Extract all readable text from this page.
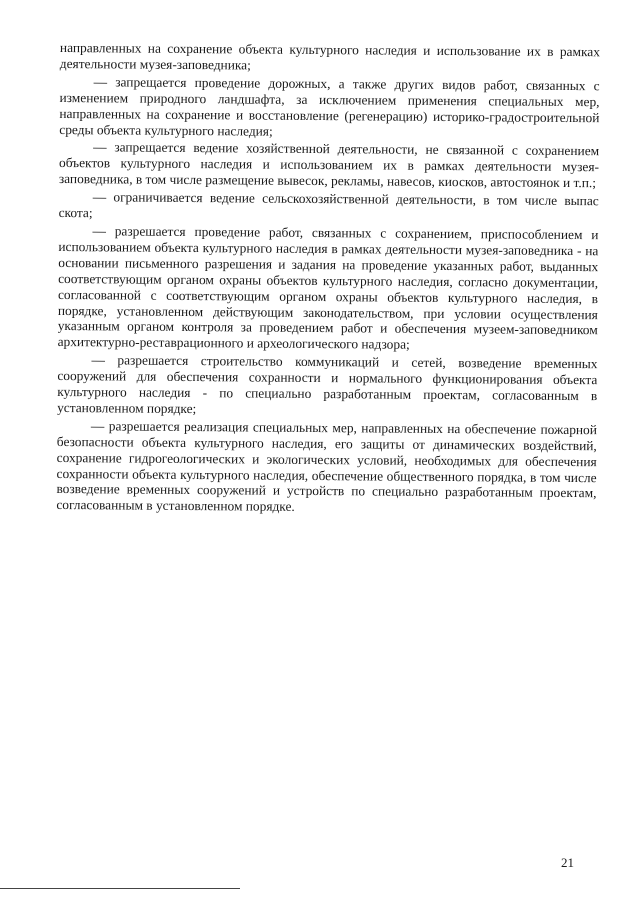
направленных на сохранение объекта культурного наследия и использование их в рамках деятельности музея-заповедника;

— запрещается проведение дорожных, а также других видов работ, связанных с изменением природного ландшафта, за исключением применения специальных мер, направленных на сохранение и восстановление (регенерацию) историко-градостроительной среды объекта культурного наследия;

— запрещается ведение хозяйственной деятельности, не связанной с сохранением объектов культурного наследия и использованием их в рамках деятельности музея-заповедника, в том числе размещение вывесок, рекламы, навесов, киосков, автостоянок и т.п.;

— ограничивается ведение сельскохозяйственной деятельности, в том числе выпас скота;

— разрешается проведение работ, связанных с сохранением, приспособлением и использованием объекта культурного наследия в рамках деятельности музея-заповедника - на основании письменного разрешения и задания на проведение указанных работ, выданных соответствующим органом охраны объектов культурного наследия, согласно документации, согласованной с соответствующим органом охраны объектов культурного наследия, в порядке, установленном действующим законодательством, при условии осуществления указанным органом контроля за проведением работ и обеспечения музеем-заповедником архитектурно-реставрационного и археологического надзора;

— разрешается строительство коммуникаций и сетей, возведение временных сооружений для обеспечения сохранности и нормального функционирования объекта культурного наследия - по специально разработанным проектам, согласованным в установленном порядке;

— разрешается реализация специальных мер, направленных на обеспечение пожарной безопасности объекта культурного наследия, его защиты от динамических воздействий, сохранение гидрогеологических и экологических условий, необходимых для обеспечения сохранности объекта культурного наследия, обеспечение общественного порядка, в том числе возведение временных сооружений и устройств по специально разработанным проектам, согласованным в установленном порядке.

21
